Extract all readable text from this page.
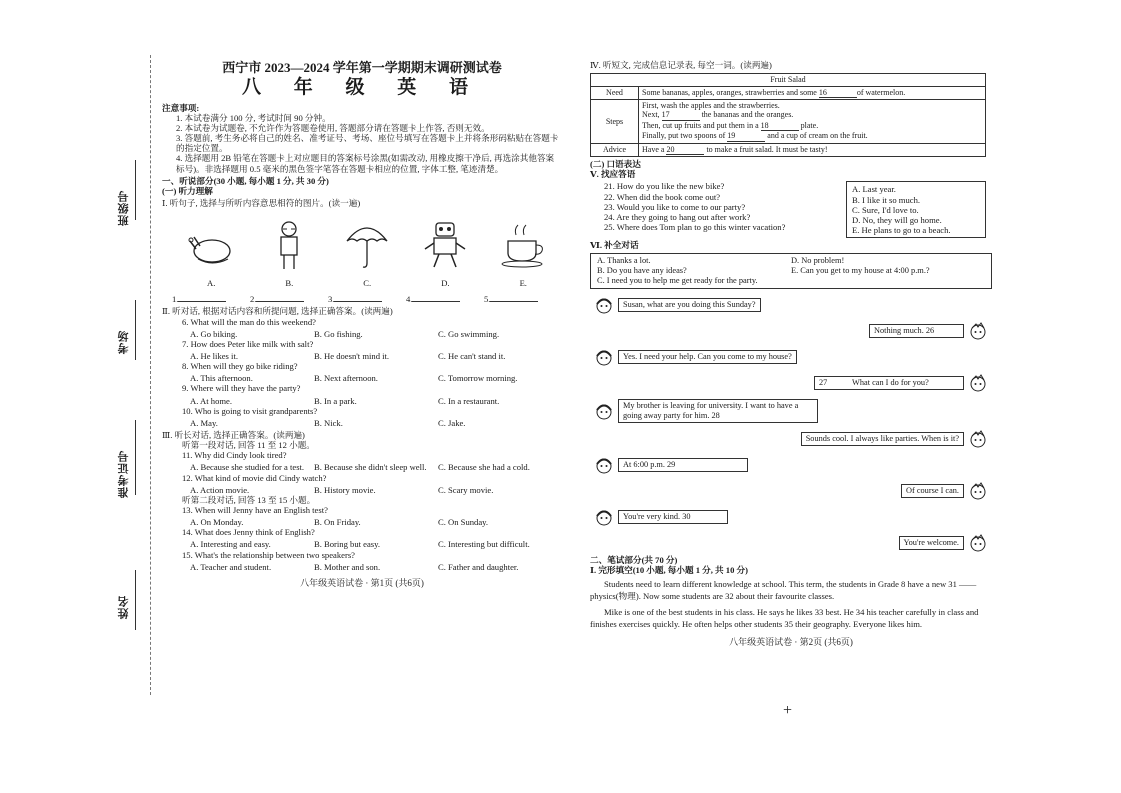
班级号
考场
准考证号
姓名
西宁市 2023—2024 学年第一学期期末调研测试卷
八 年 级 英 语
注意事项:
1. 本试卷满分 100 分, 考试时间 90 分钟。
2. 本试卷为试题卷, 不允许作为答题卷使用, 答题部分请在答题卡上作答, 否则无效。
3. 答题前, 考生务必将自己的姓名、准考证号、考场、座位号填写在答题卡上并将条形码粘贴在答题卡的指定位置。
4. 选择题用 2B 铅笔在答题卡上对应题目的答案标号涂黑(如需改动, 用橡皮擦干净后, 再选涂其他答案标号)。非选择题用 0.5 毫米的黑色签字笔答在答题卡相应的位置, 字体工整, 笔迹清楚。
一、听说部分(30 小题, 每小题 1 分, 共 30 分)
(一) 听力理解
Ⅰ. 听句子, 选择与所听内容意思相符的图片。(读一遍)
A.	B.	C.	D.	E.
1.	2.	3.	4.	5.
Ⅱ. 听对话, 根据对话内容和所提问题, 选择正确答案。(读两遍)
6. What will the man do this weekend?
A. Go biking.	B. Go fishing.	C. Go swimming.
7. How does Peter like milk with salt?
A. He likes it.	B. He doesn't mind it.	C. He can't stand it.
8. When will they go bike riding?
A. This afternoon.	B. Next afternoon.	C. Tomorrow morning.
9. Where will they have the party?
A. At home.	B. In a park.	C. In a restaurant.
10. Who is going to visit grandparents?
A. May.	B. Nick.	C. Jake.
Ⅲ. 听长对话, 选择正确答案。(读两遍)
听第一段对话, 回答 11 至 12 小题。
11. Why did Cindy look tired?
A. Because she studied for a test.	B. Because she didn't sleep well.	C. Because she had a cold.
12. What kind of movie did Cindy watch?
A. Action movie.	B. History movie.	C. Scary movie.
听第二段对话, 回答 13 至 15 小题。
13. When will Jenny have an English test?
A. On Monday.	B. On Friday.	C. On Sunday.
14. What does Jenny think of English?
A. Interesting and easy.	B. Boring but easy.	C. Interesting but difficult.
15. What's the relationship between two speakers?
A. Teacher and student.	B. Mother and son.	C. Father and daughter.
八年级英语试卷 · 第1页 (共6页)
Ⅳ. 听短文, 完成信息记录表, 每空一词。(读两遍)
Fruit Salad	
Need	Some bananas, apples, oranges, strawberries and some 16 of watermelon.
Steps	First, wash the apples and the strawberries.
Next, 17 the bananas and the oranges.
Then, cut up fruits and put them in a 18 plate.
Finally, put two spoons of 19 and a cup of cream on the fruit.

Advice	Have a 20 to make a fruit salad. It must be tasty!
(二) 口语表达
Ⅴ. 找应答语
21. How do you like the new bike?
22. When did the book come out?
23. Would you like to come to our party?
24. Are they going to hang out after work?
25. Where does Tom plan to go this winter vacation?
A. Last year.
B. I like it so much.
C. Sure, I'd love to.
D. No, they will go home.
E. He plans to go to a beach.
Ⅵ. 补全对话
A. Thanks a lot.	D. No problem!
B. Do you have any ideas?	E. Can you get to my house at 4:00 p.m.?
C. I need you to help me get ready for the party.
Susan, what are you doing this Sunday?
Nothing much. 26
Yes. I need your help. Can you come to my house?
27            What can I do for you?
My brother is leaving for university. I want to have a going away party for him. 28
Sounds cool. I always like parties. When is it?
At 6:00 p.m. 29
Of course I can.
You're very kind. 30
You're welcome.
二、笔试部分(共 70 分)
Ⅰ. 完形填空(10 小题, 每小题 1 分, 共 10 分)
Students need to learn different knowledge at school. This term, the students in Grade 8 have a new 31 ——physics(物理). Now some students are 32 about their favourite classes.
Mike is one of the best students in his class. He says he likes 33 best. He 34 his teacher carefully in class and finishes exercises quickly. He often helps other students 35 their geography. Everyone likes him.
八年级英语试卷 · 第2页 (共6页)
+
